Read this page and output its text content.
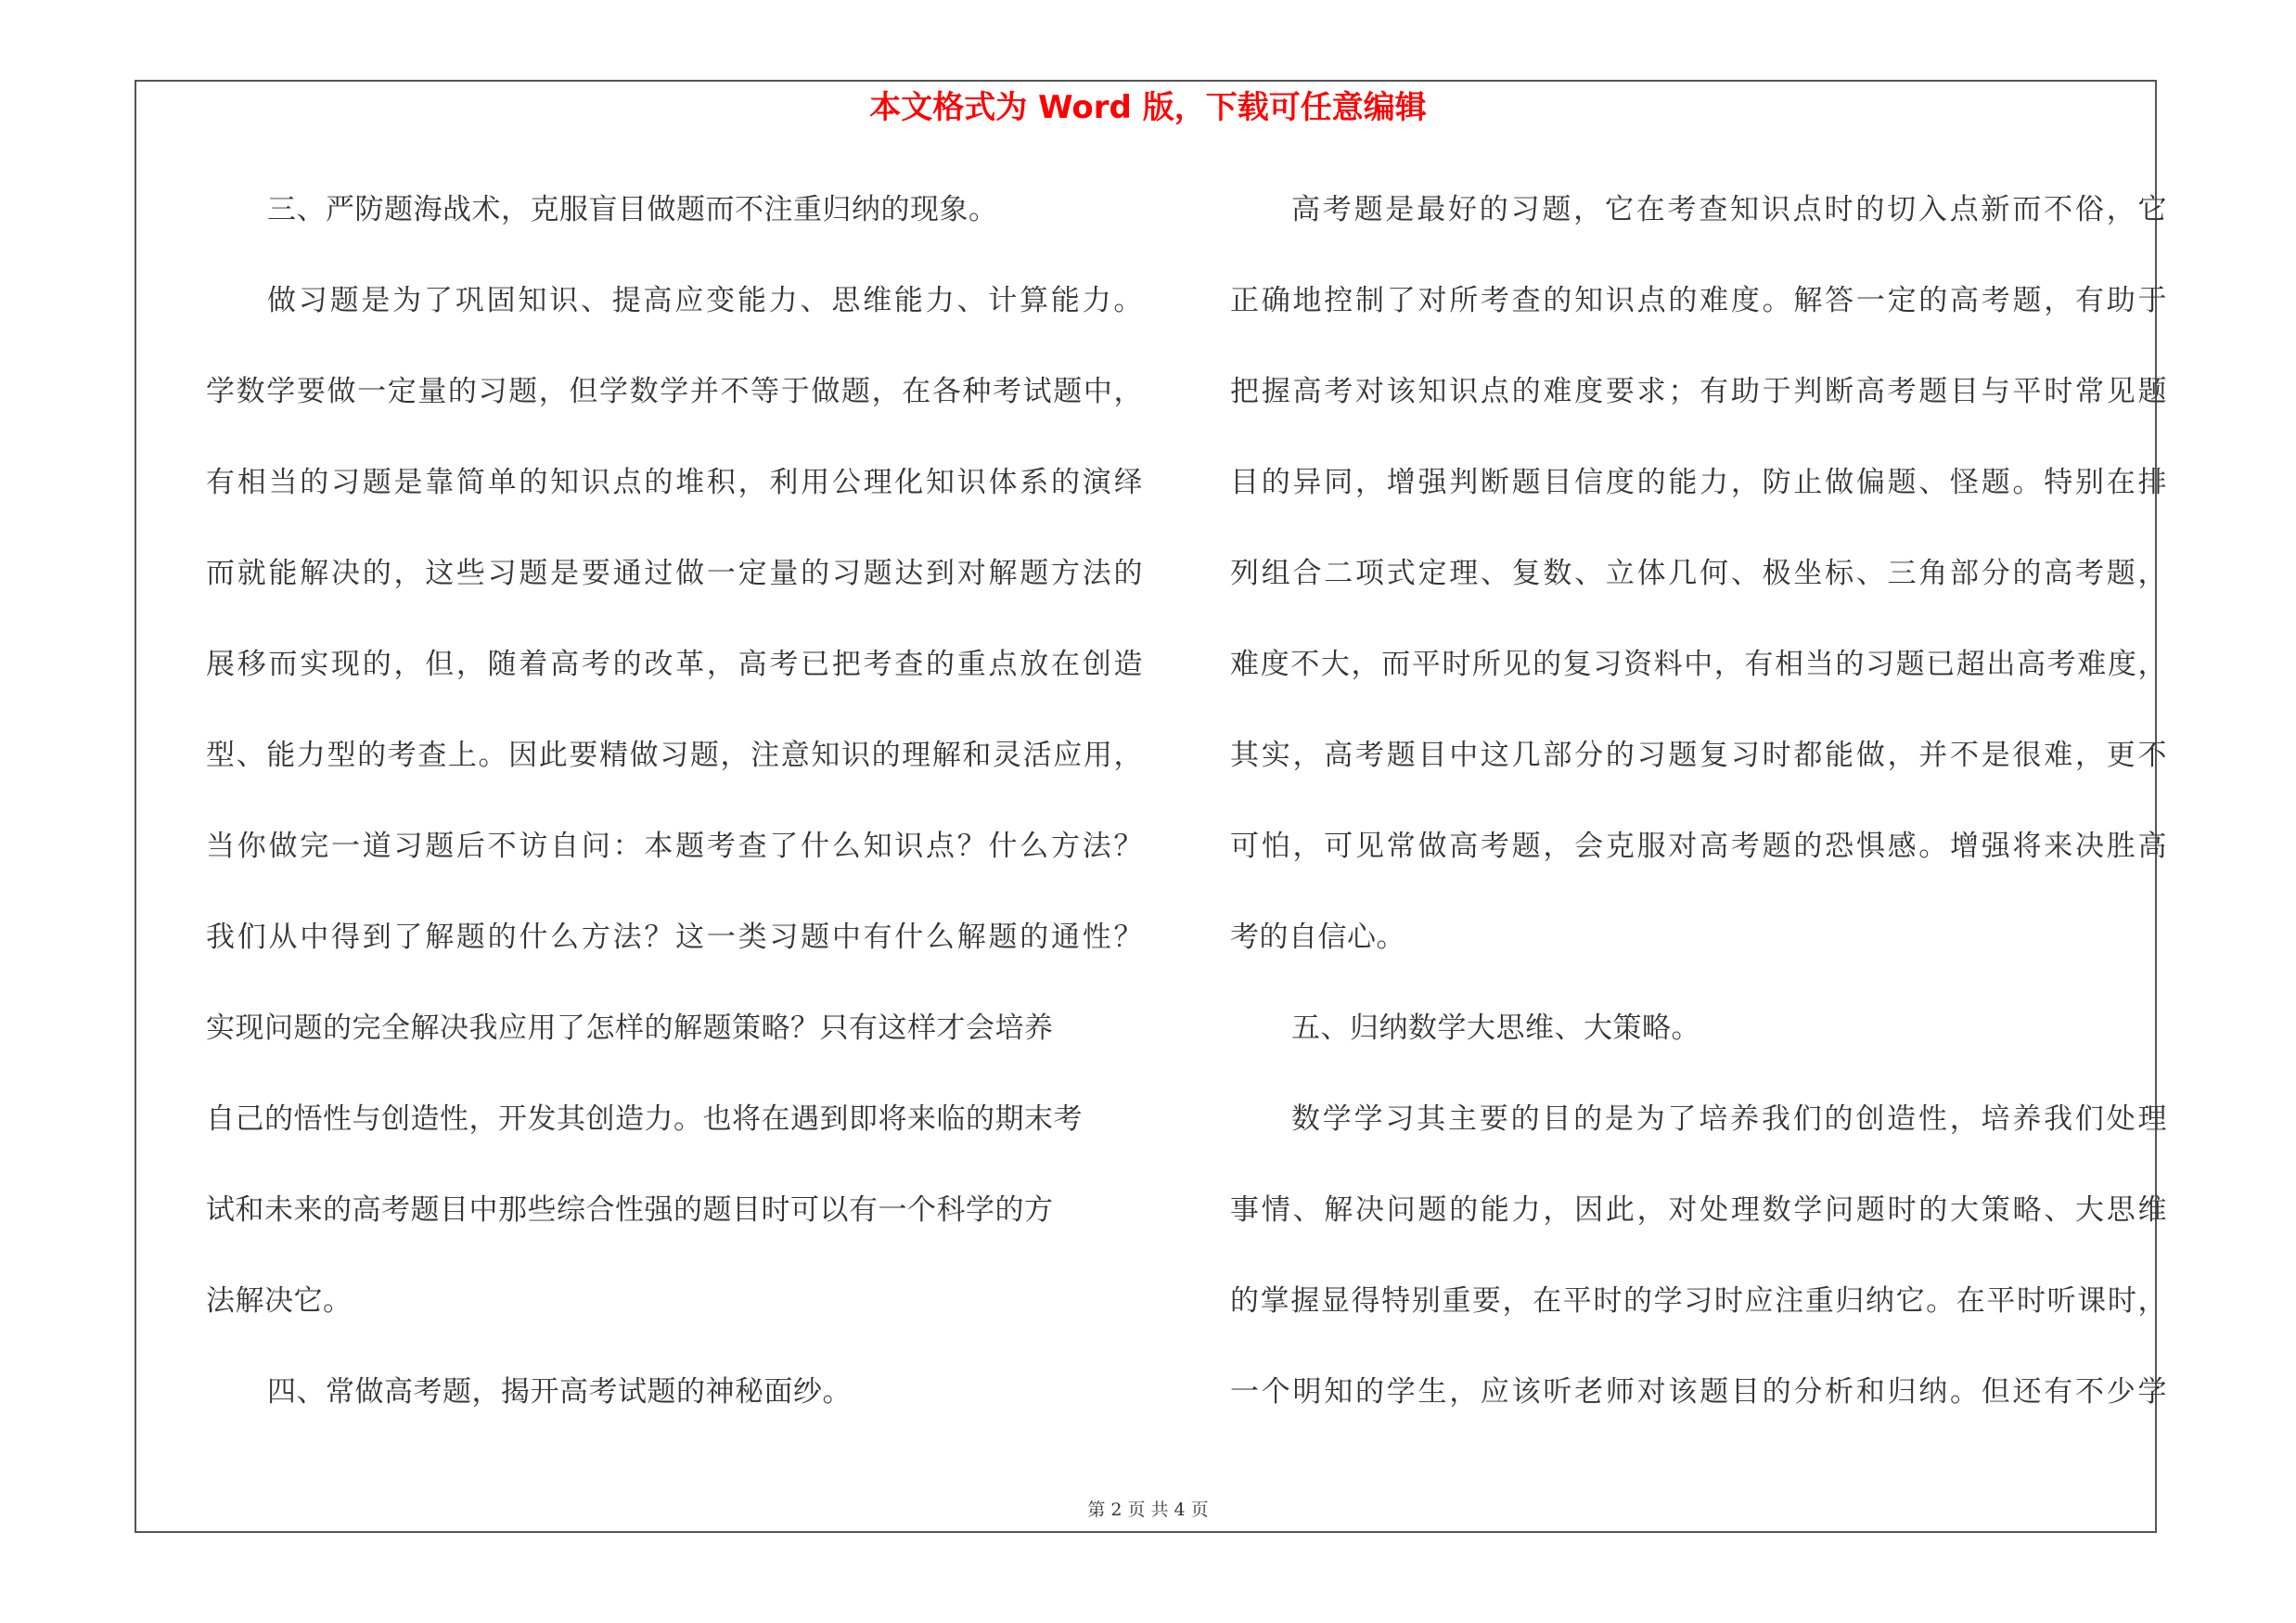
本文格式为 Word 版，下载可任意编辑
三、严防题海战术，克服盲目做题而不注重归纳的现象。
做习题是为了巩固知识、提高应变能力、思维能力、计算能力。
学数学要做一定量的习题，但学数学并不等于做题，在各种考试题中，
有相当的习题是靠简单的知识点的堆积，利用公理化知识体系的演绎
而就能解决的，这些习题是要通过做一定量的习题达到对解题方法的
展移而实现的，但，随着高考的改革，高考已把考查的重点放在创造
型、能力型的考查上。因此要精做习题，注意知识的理解和灵活应用，
当你做完一道习题后不访自问：本题考查了什么知识点？什么方法？
我们从中得到了解题的什么方法？这一类习题中有什么解题的通性？
实现问题的完全解决我应用了怎样的解题策略？只有这样才会培养
自己的悟性与创造性，开发其创造力。也将在遇到即将来临的期末考
试和未来的高考题目中那些综合性强的题目时可以有一个科学的方
法解决它。
四、常做高考题，揭开高考试题的神秘面纱。
高考题是最好的习题，它在考查知识点时的切入点新而不俗，它
正确地控制了对所考查的知识点的难度。解答一定的高考题，有助于
把握高考对该知识点的难度要求；有助于判断高考题目与平时常见题
目的异同，增强判断题目信度的能力，防止做偏题、怪题。特别在排
列组合二项式定理、复数、立体几何、极坐标、三角部分的高考题，
难度不大，而平时所见的复习资料中，有相当的习题已超出高考难度，
其实，高考题目中这几部分的习题复习时都能做，并不是很难，更不
可怕，可见常做高考题，会克服对高考题的恐惧感。增强将来决胜高
考的自信心。
五、归纳数学大思维、大策略。
数学学习其主要的目的是为了培养我们的创造性，培养我们处理
事情、解决问题的能力，因此，对处理数学问题时的大策略、大思维
的掌握显得特别重要，在平时的学习时应注重归纳它。在平时听课时，
一个明知的学生，应该听老师对该题目的分析和归纳。但还有不少学
第 2 页 共 4 页
